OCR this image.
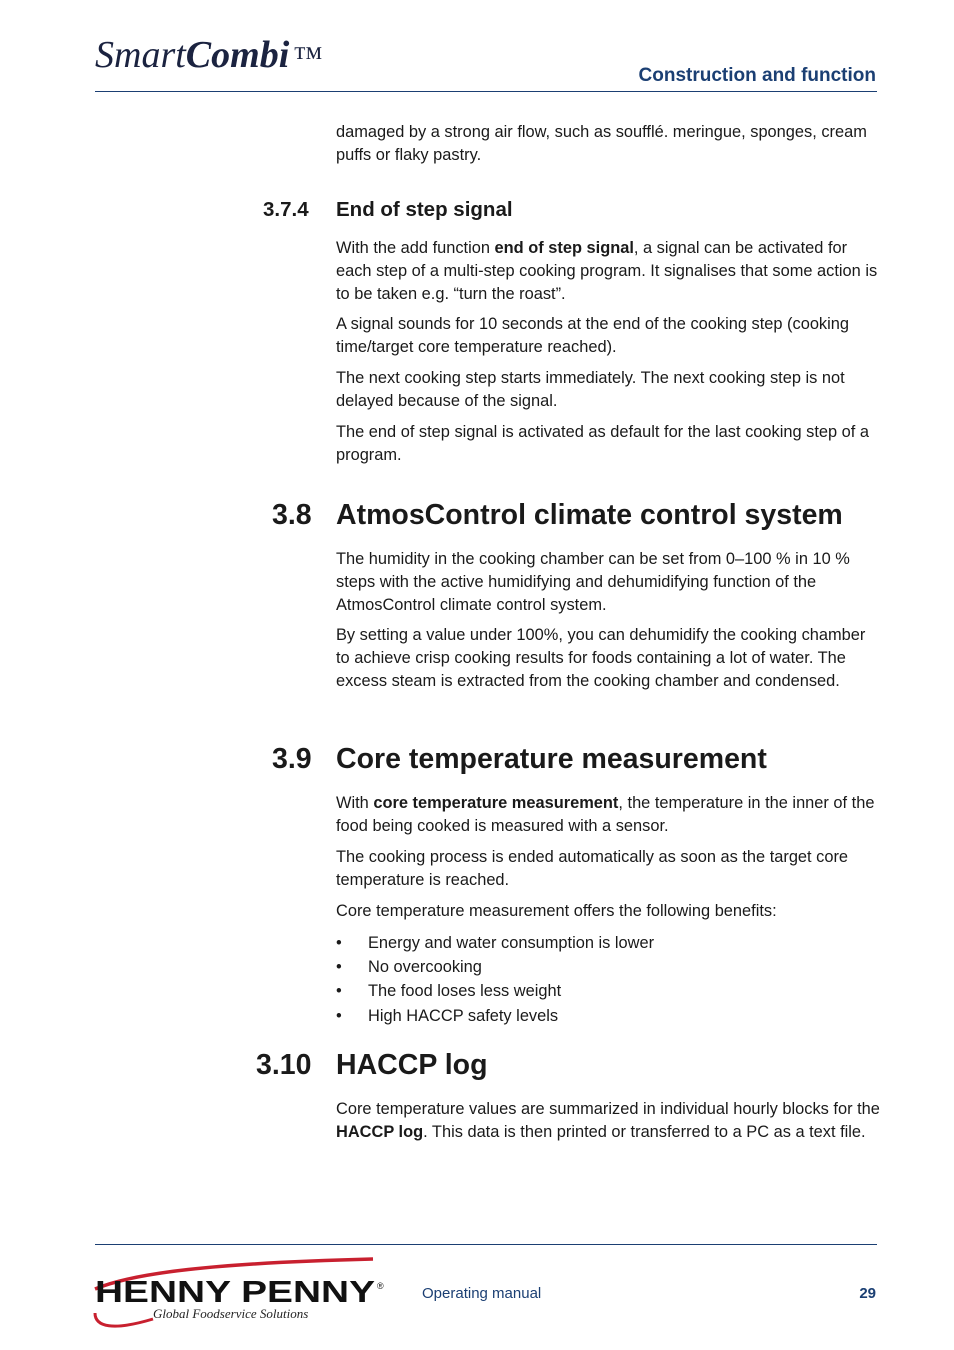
SmartCombi ™
Construction and function

damaged by a strong air flow, such as soufflé. meringue, sponges, cream puffs or flaky pastry.

3.7.4 End of step signal

With the add function end of step signal, a signal can be activated for each step of a multi-step cooking program. It signalises that some action is to be taken e.g. “turn the roast”.

A signal sounds for 10 seconds at the end of the cooking step (cooking time/target core temperature reached).

The next cooking step starts immediately. The next cooking step is not delayed because of the signal.

The end of step signal is activated as default for the last cooking step of a program.

3.8 AtmosControl climate control system

The humidity in the cooking chamber can be set from 0–100 % in 10 % steps with the active humidifying and dehumidifying function of the AtmosControl climate control system.

By setting a value under 100%, you can dehumidify the cooking chamber to achieve crisp cooking results for foods containing a lot of water. The excess steam is extracted from the cooking chamber and condensed.

3.9 Core temperature measurement

With core temperature measurement, the temperature in the inner of the food being cooked is measured with a sensor.

The cooking process is ended automatically as soon as the target core temperature is reached.

Core temperature measurement offers the following benefits:

• Energy and water consumption is lower
• No overcooking
• The food loses less weight
• High HACCP safety levels
3.10 HACCP log

Core temperature values are summarized in individual hourly blocks for the HACCP log. This data is then printed or transferred to a PC as a text file.

HENNY PENNY ®
Global Foodservice Solutions
Operating manual	29
